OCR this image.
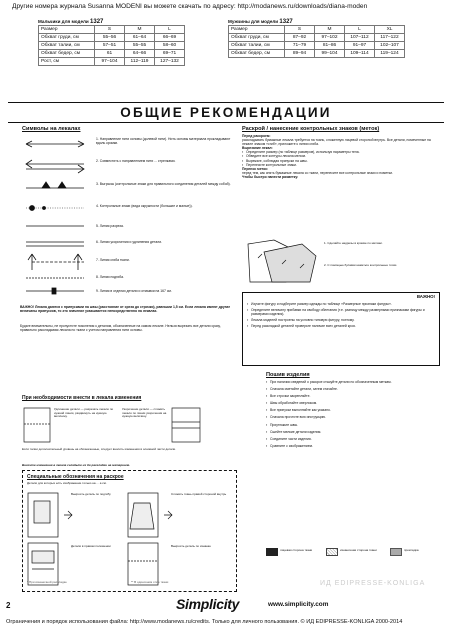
Другие номера журнала Susanna MODENI вы можете скачать по адресу: http://modanews.ru/downloads/diana-moden
Мальчики для модели 1327
Размер	S	M	L
Обхват груди, см	55–56	61–64	66–69
Обхват талии, см	57–51	55–55	58–60
Обхват бедер, см	61	64–66	69–71
Рост, см	97–104	112–119	127–132
Мужчины для модели 1327
Размер	S	M	L	XL
Обхват груди, см	87–92	97–102	107–112	117–122
Обхват талии, см	71–79	81–86	91–97	102–107
Обхват бедер, см	89–94	99–104	109–114	119–124
ОБЩИЕ РЕКОМЕНДАЦИИ
Символы на лекалах
1. Направление нити основы (долевой нити). Нить основы материала прокладывают вдоль кромки.
2. Совместить с направлением нити ... стрелками.
3. Выгрызы (контрольные знаки для правильного соединения деталей между собой).
4. Контрольные знаки (вида окружности (большие и малые)).
5. Линия разреза.
6. Линии укорочения и удлинения детали.
7. Линия сгиба ткани.
8. Линии подгиба.
9. Линия в отделки детали и отмывки на 167 см.
ВАЖНО! Лекала даются с припусками на швы (расстояние от среза до строчки), равными 1,5 см. Если лекала имеют другие величины припусков, то это значение указывается непосредственно на лекалах.
Будьте внимательны, не пропустите пояснения к деталям, обозначенные на самом лекале. Нельзя вырезать все детали сразу, правильно раскладывая лекала по ткани с учетом направления нити основы.
При необходимости внести в лекала изменения
Удлинение детали — разрезать лекало по нужной линии, раздвинуть на нужную величину.
Укорочение детали — сложить лекало по линии укорочения на нужную величину.
Если талии дополнительный уровень на обозначенные, следует вносить изменения в основной части детали.
Вносите изменения в лекала сгладьте их до раскладки на материале.
Специальные обозначения на раскрое
Детали для которых есть изображение только на ... а см.
Выкроить деталь по подгибу	Сложить ткань правой стороной внутрь
Детали в правом положении	Выкроить деталь по изнанке
* При изнаночной раскладке	** В одиночном слое ткани
Раскрой / нанесение контрольных знаков (меток)
Перед раскроем:
раскладывать бумажные лекала требуется на ткань, сложенную лицевой стороной внутрь. Все детали, помеченные на лекале знаком «сгиб», приложите к линии сгиба.
Вырезание лекал:
▪ Определите размер (по таблице размеров), используя параметры тела.
▪ Обведите все контуры лекала мелом.
▪ Вырежьте, соблюдая припуски на швы.
▪ Перенесите контрольные знаки.
Перенос меток:
перед тем, как снять бумажные лекала со ткани, перенесите все контрольные знаки и пометки.
Чтобы быстро нанести разметку:
1. Сделайте надрезы в кромке по меткам.
2. С помощью булавки наметьте контрольные точки.
ВАЖНО!
▪ Изучите фигуру и подберите размер одежды по таблице «Размерные признаки фигуры».
▪ Определите величину прибавки на свободу облегания (т.е. разницу между размерными признаками фигуры и размерами изделия).
▪ Лекала моделей построены на условно типовую фигуру, поэтому.
▪ Перед раскладкой деталей проверьте наличие всех деталей кроя.
Пошив изделия
▪ При наличии сведений о раскрое стыкуйте детали по обозначенным меткам.
▪ Сначала сметайте детали, затем стачайте.
▪ Все строчки закрепляйте.
▪ Швы обработайте оверлоком.
▪ Все припуски выполняйте как указано.
▪ Сначала прочтите всю инструкцию.
▪ Приутюжьте швы.
▪ Сшейте мелкие детали изделия.
▪ Соедините части изделия.
▪ Сравните с изображением.
лицевая сторона ткани	изнаночная сторона ткани	прокладка
ИД EDIPRESSE-KONLIGA
2	Simplicity	www.simplicity.com
Ограничения и порядок использования файла: http://www.modanews.ru/credits. Только для личного пользования. © ИД EDIPRESSE-KONLIGA 2000-2014
